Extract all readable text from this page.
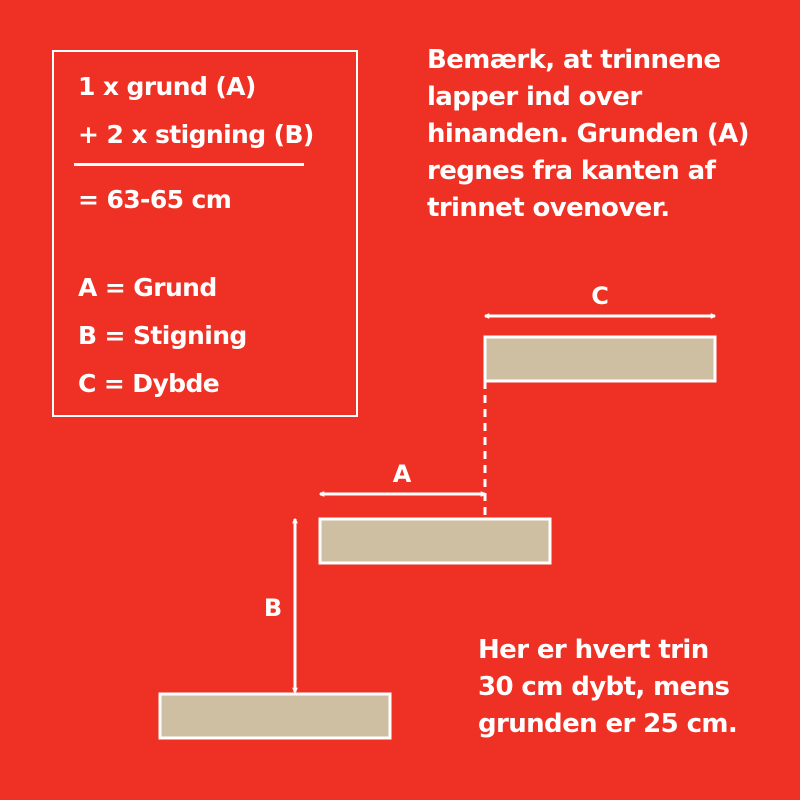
1 x grund (A)

+ 2 x stigning (B)

= 63-65 cm

A = Grund

B = Stigning

C = Dybde

Bemærk, at trinnene
lapper ind over
hinanden. Grunden (A)
regnes fra kanten af
trinnet ovenover.
Her er hvert trin
30 cm dybt, mens
grunden er 25 cm.

C

A

B
